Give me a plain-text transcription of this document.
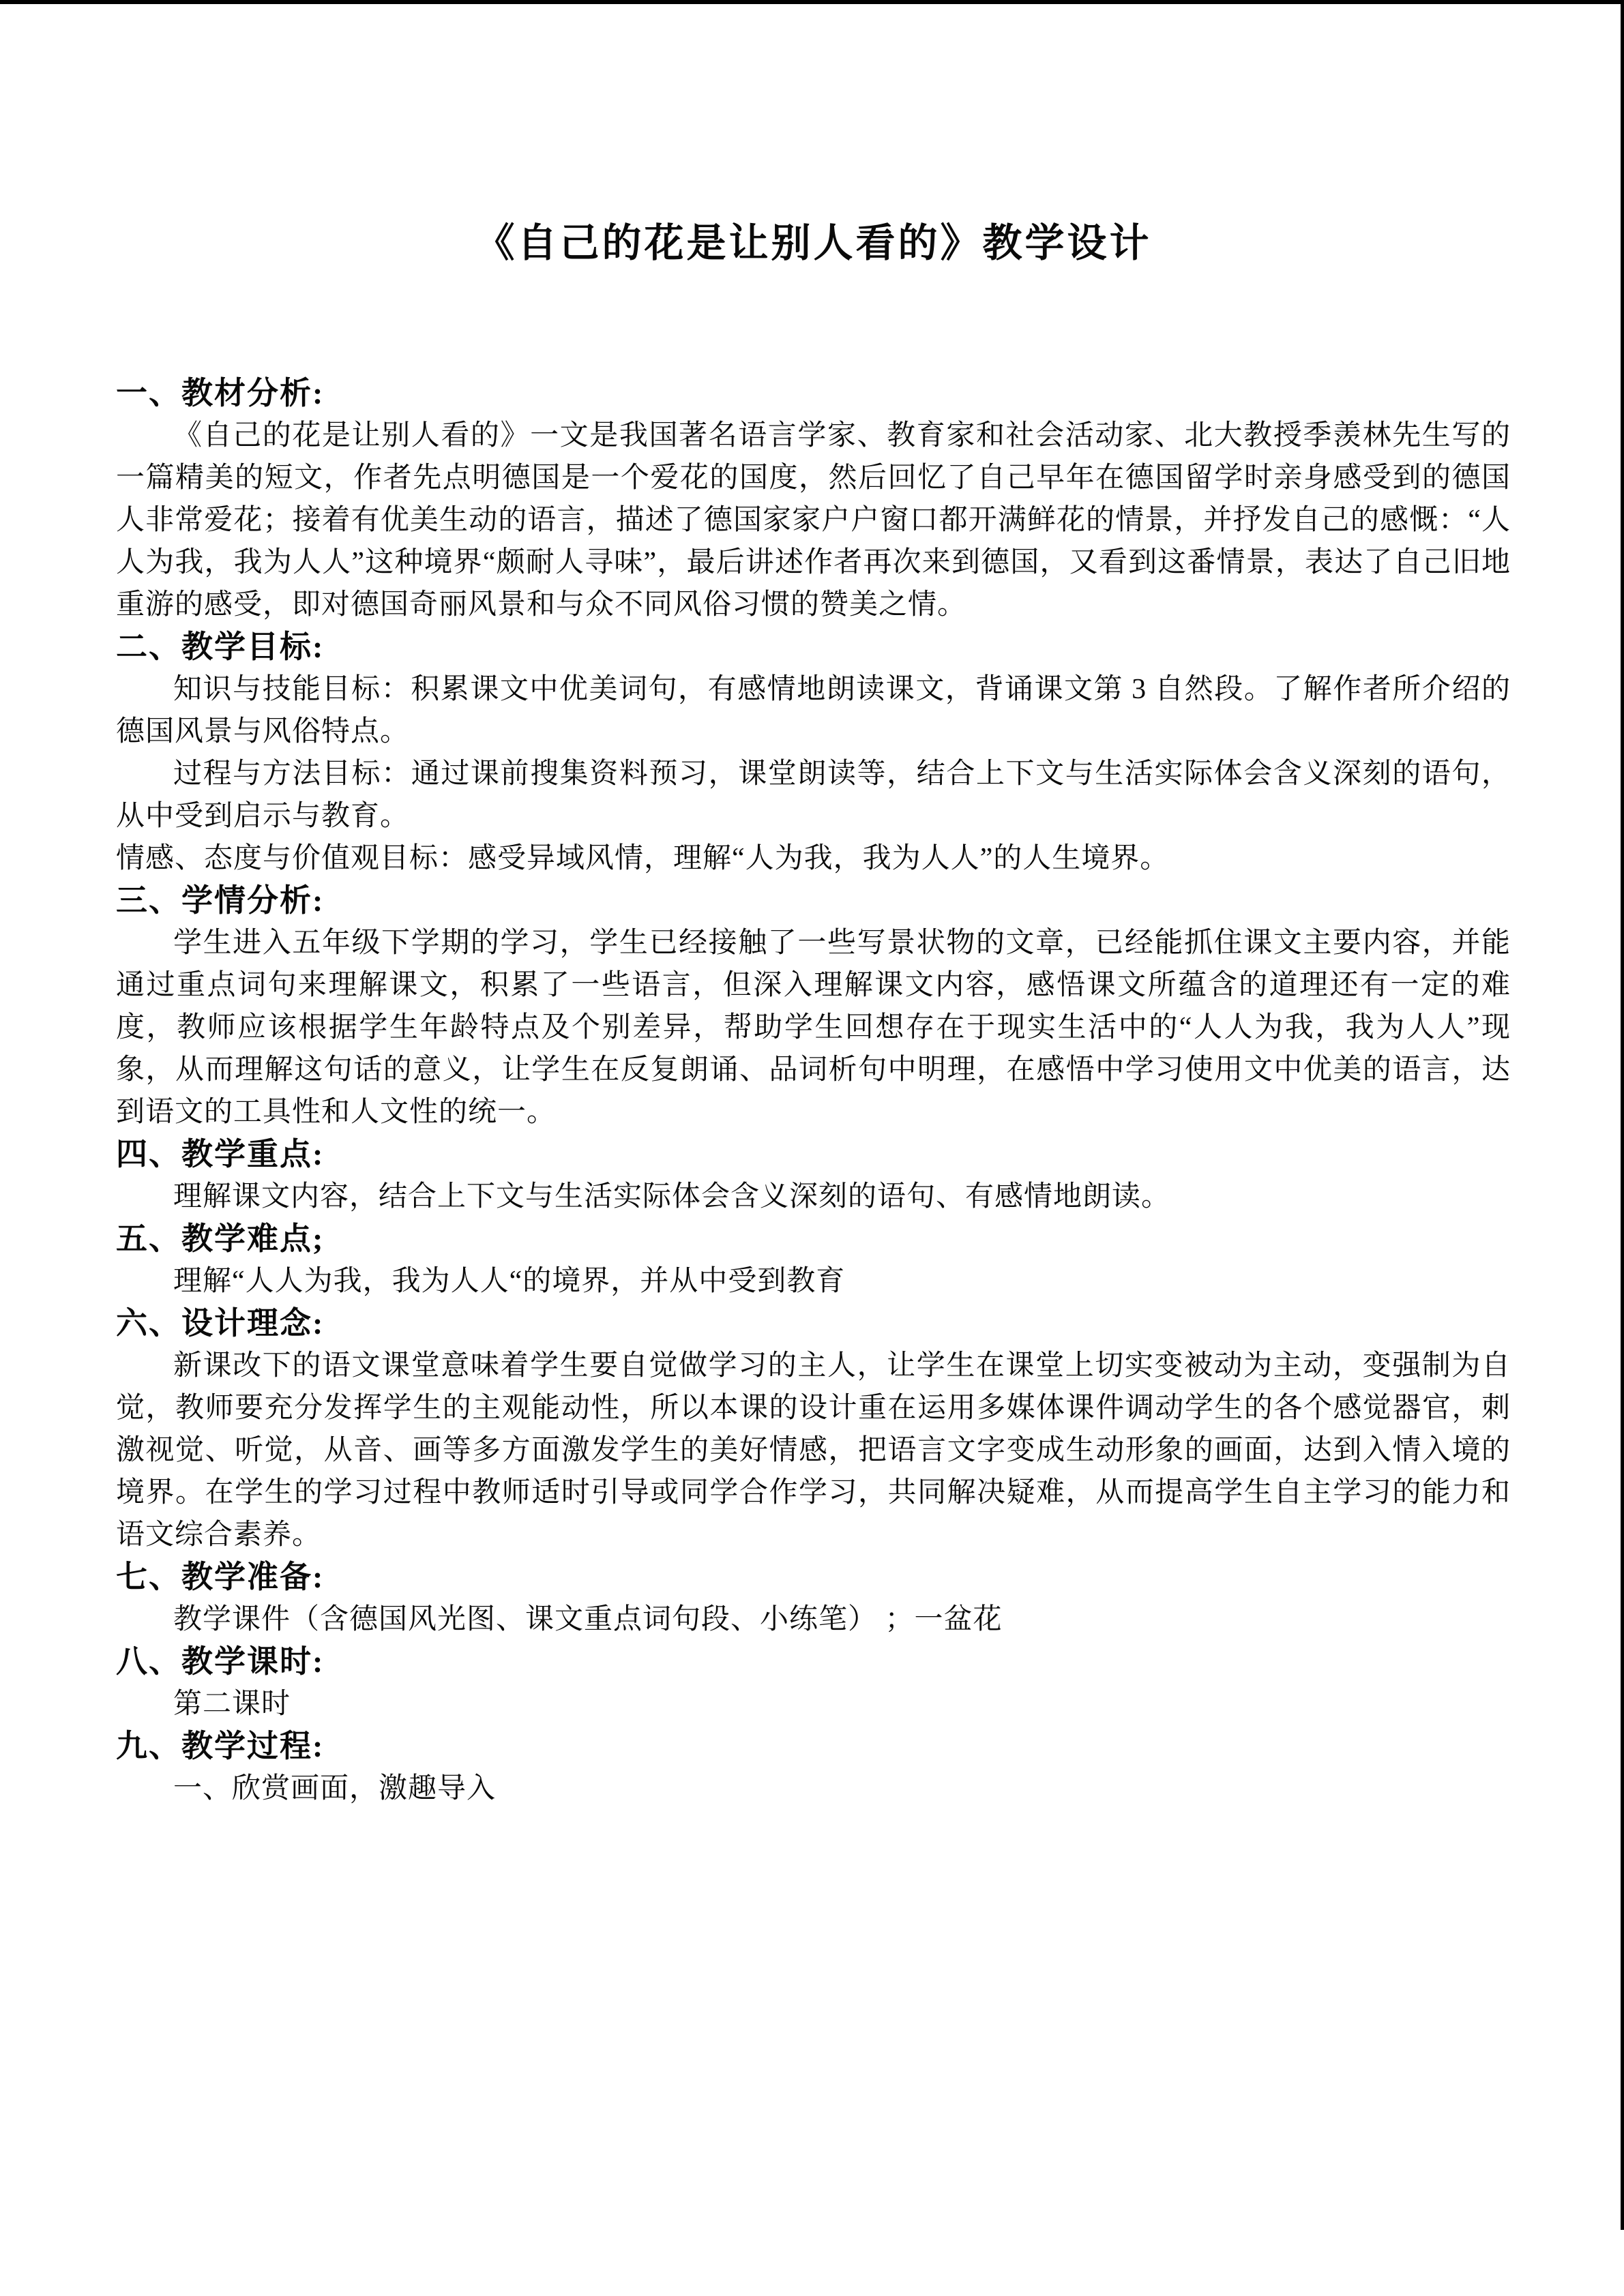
《自己的花是让别人看的》教学设计
一、教材分析:

《自己的花是让别人看的》一文是我国著名语言学家、教育家和社会活动家、北大教授季羡林先生写的一篇精美的短文，作者先点明德国是一个爱花的国度，然后回忆了自己早年在德国留学时亲身感受到的德国人非常爱花；接着有优美生动的语言，描述了德国家家户户窗口都开满鲜花的情景，并抒发自己的感慨：“人人为我，我为人人”这种境界“颇耐人寻味”，最后讲述作者再次来到德国，又看到这番情景，表达了自己旧地重游的感受，即对德国奇丽风景和与众不同风俗习惯的赞美之情。

二、教学目标:

知识与技能目标：积累课文中优美词句，有感情地朗读课文，背诵课文第 3 自然段。了解作者所介绍的德国风景与风俗特点。

过程与方法目标：通过课前搜集资料预习，课堂朗读等，结合上下文与生活实际体会含义深刻的语句，从中受到启示与教育。

情感、态度与价值观目标：感受异域风情，理解“人为我，我为人人”的人生境界。

三、学情分析:

学生进入五年级下学期的学习，学生已经接触了一些写景状物的文章，已经能抓住课文主要内容，并能通过重点词句来理解课文，积累了一些语言，但深入理解课文内容，感悟课文所蕴含的道理还有一定的难度，教师应该根据学生年龄特点及个别差异，帮助学生回想存在于现实生活中的“人人为我，我为人人”现象，从而理解这句话的意义，让学生在反复朗诵、品词析句中明理，在感悟中学习使用文中优美的语言，达到语文的工具性和人文性的统一。

四、教学重点:

理解课文内容，结合上下文与生活实际体会含义深刻的语句、有感情地朗读。

五、教学难点;

理解“人人为我，我为人人“的境界，并从中受到教育

六、设计理念:

新课改下的语文课堂意味着学生要自觉做学习的主人，让学生在课堂上切实变被动为主动，变强制为自觉，教师要充分发挥学生的主观能动性，所以本课的设计重在运用多媒体课件调动学生的各个感觉器官，刺激视觉、听觉，从音、画等多方面激发学生的美好情感，把语言文字变成生动形象的画面，达到入情入境的境界。在学生的学习过程中教师适时引导或同学合作学习，共同解决疑难，从而提高学生自主学习的能力和语文综合素养。

七、教学准备:

教学课件（含德国风光图、课文重点词句段、小练笔） ；一盆花

八、教学课时:

第二课时

九、教学过程:

一、欣赏画面，激趣导入
